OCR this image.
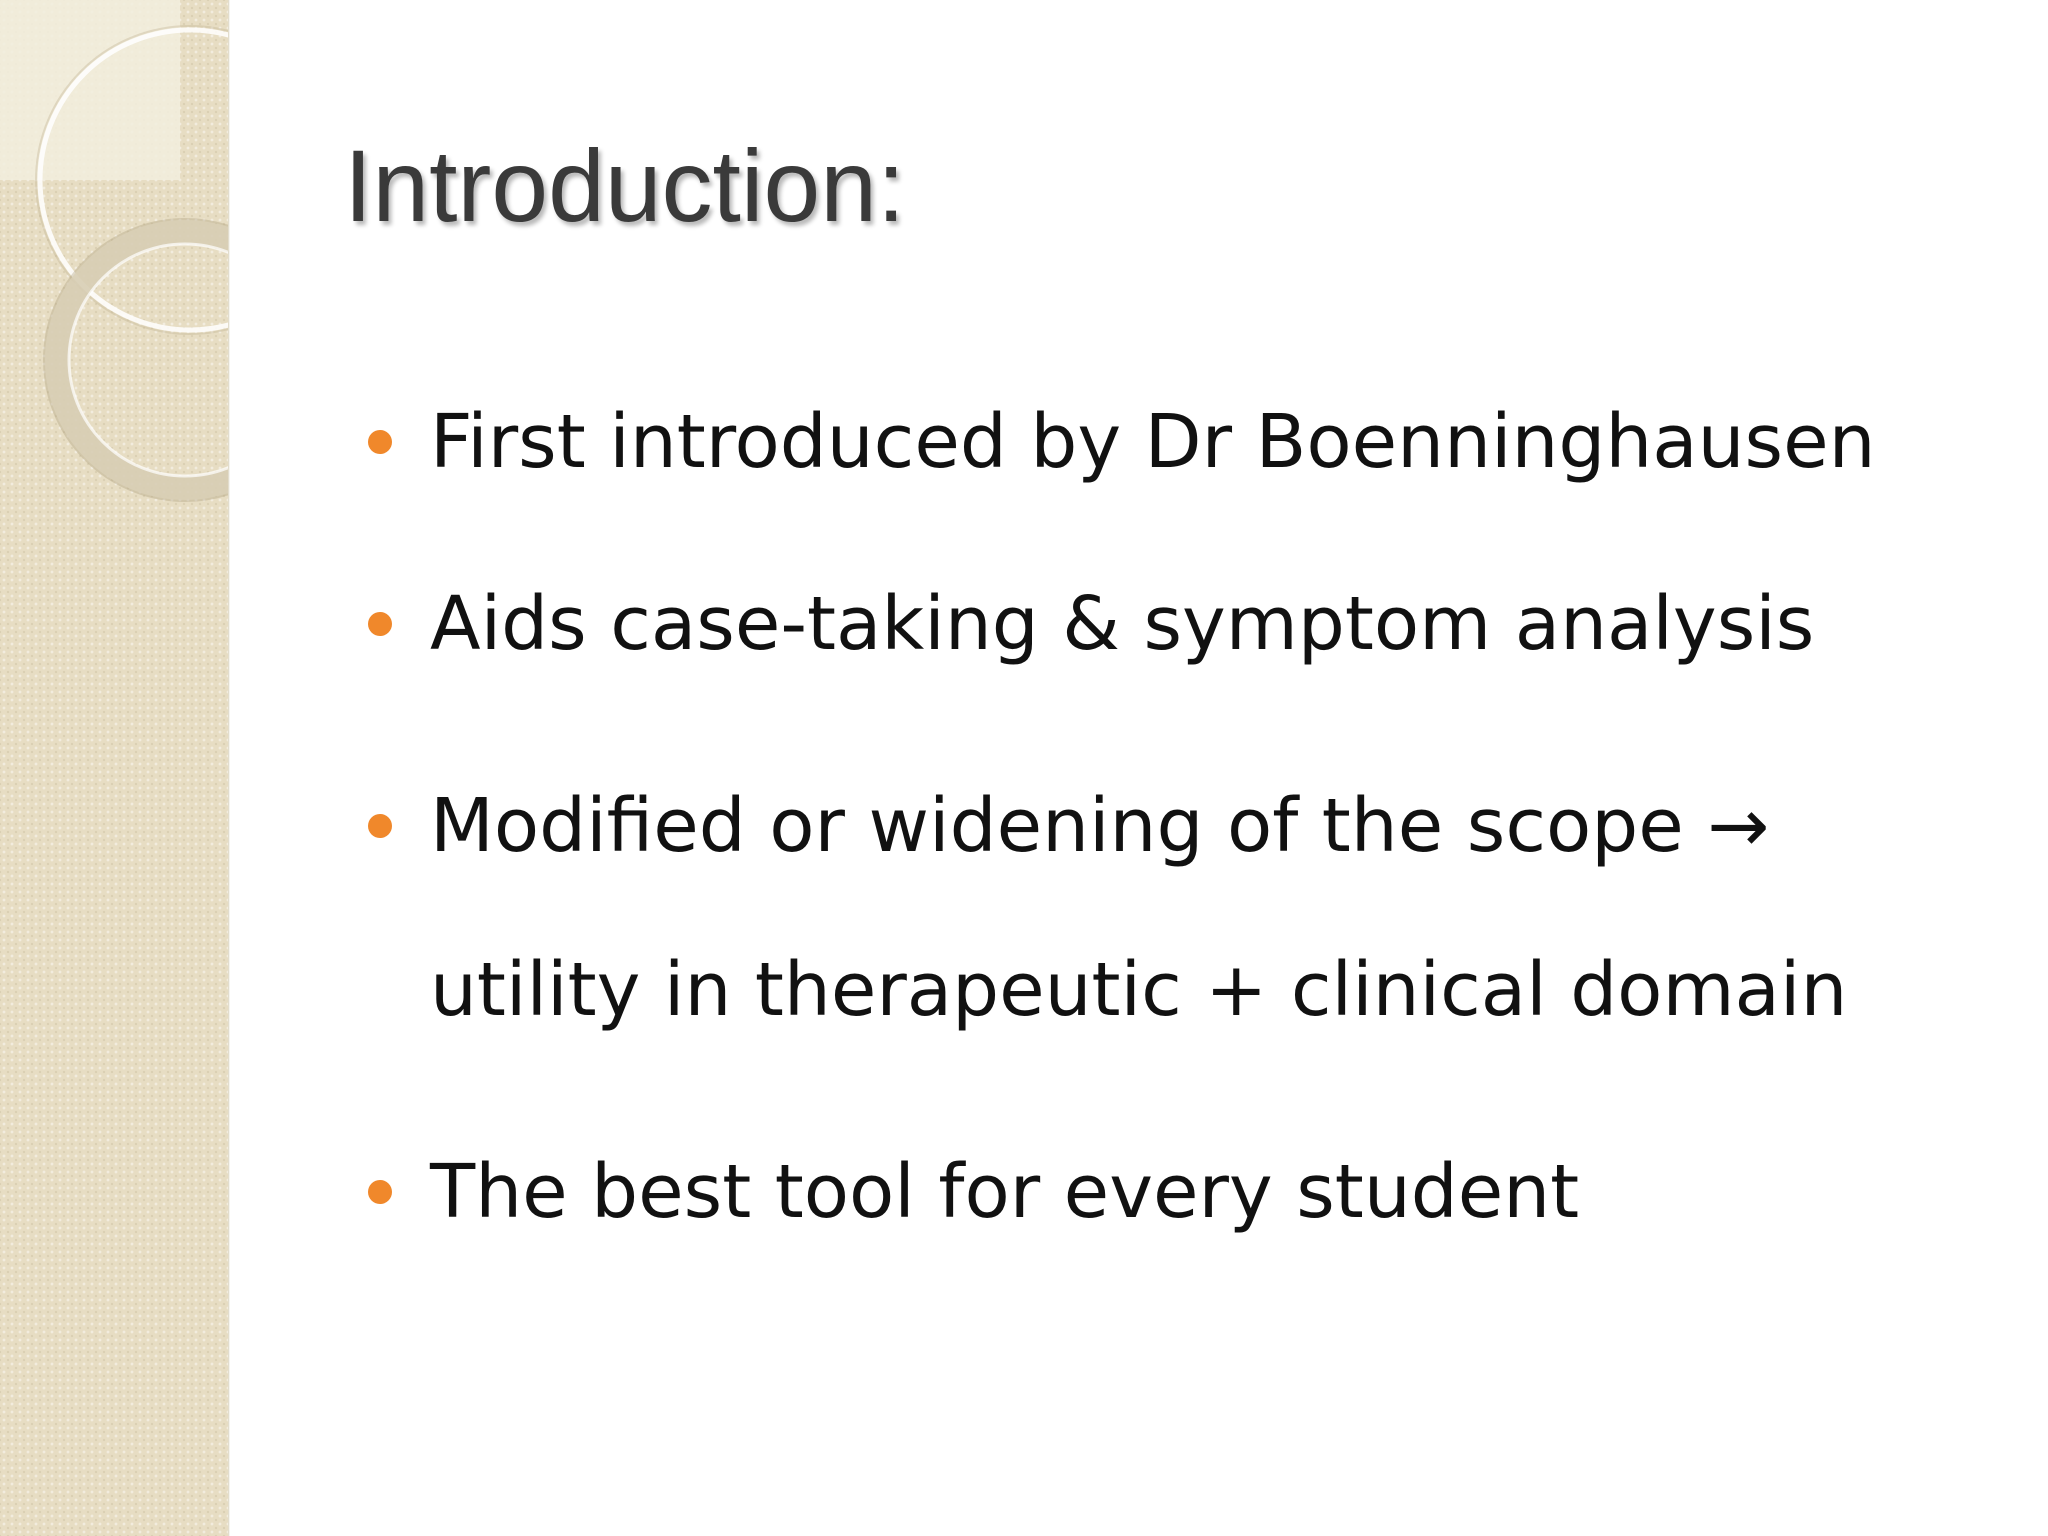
Introduction:
First introduced by Dr Boenninghausen
Aids case-taking & symptom analysis
Modified or widening of the scope → utility in therapeutic + clinical domain
The best tool for every student
